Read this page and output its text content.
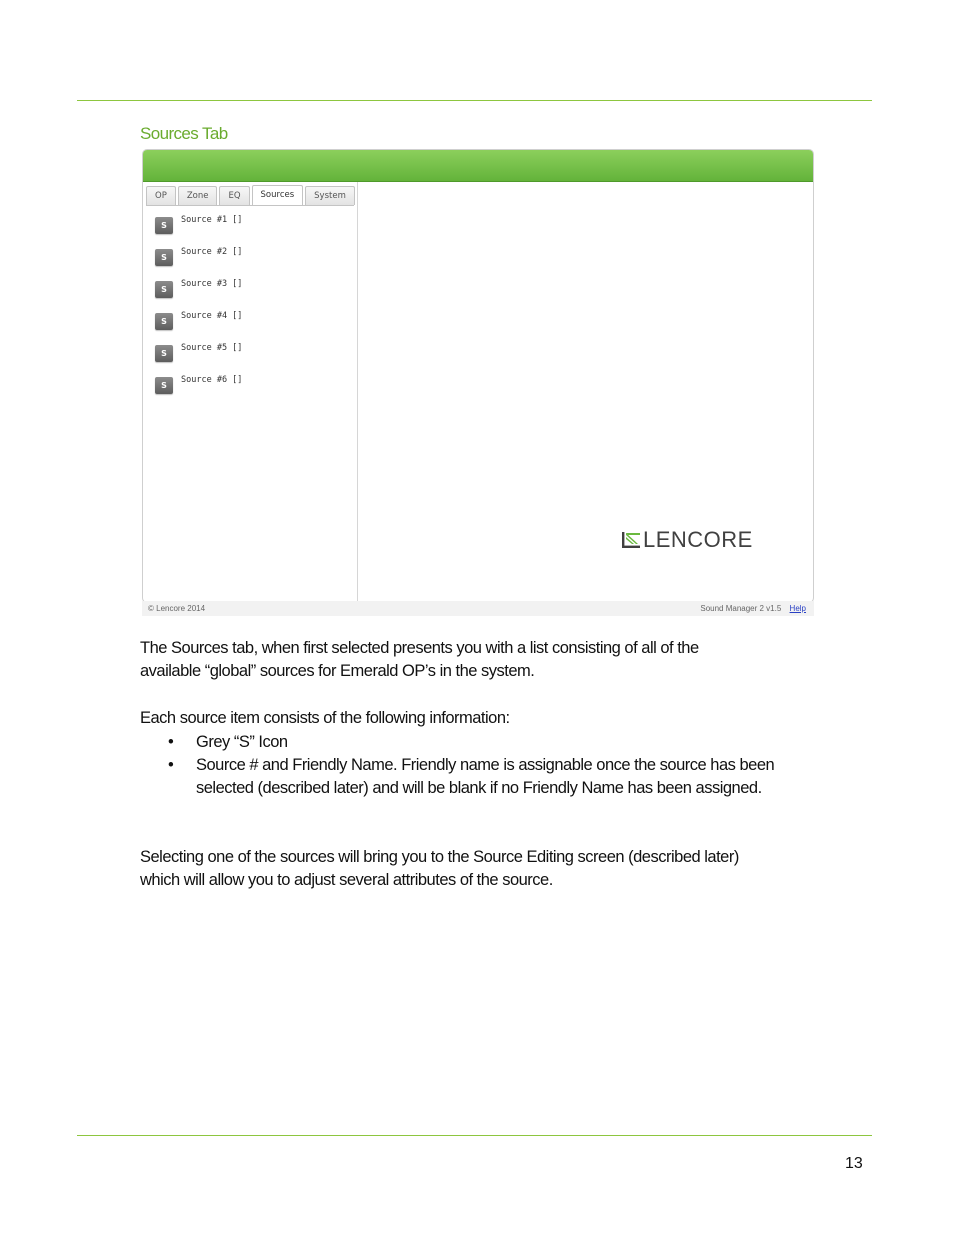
Sources Tab
OP	Zone	EQ	Sources	System
S
Source #1 []
S
Source #2 []
S
Source #3 []
S
Source #4 []
S
Source #5 []
S
Source #6 []
LENCORE
© Lencore 2014	Sound Manager 2 v1.5 Help
The Sources tab, when first selected presents you with a list consisting of all of the
available “global” sources for Emerald OP’s in the system.
Each source item consists of the following information:
• Grey “S” Icon
• Source # and Friendly Name. Friendly name is assignable once the source has been selected (described later) and will be blank if no Friendly Name has been assigned.
Selecting one of the sources will bring you to the Source Editing screen (described later)
which will allow you to adjust several attributes of the source.
13
